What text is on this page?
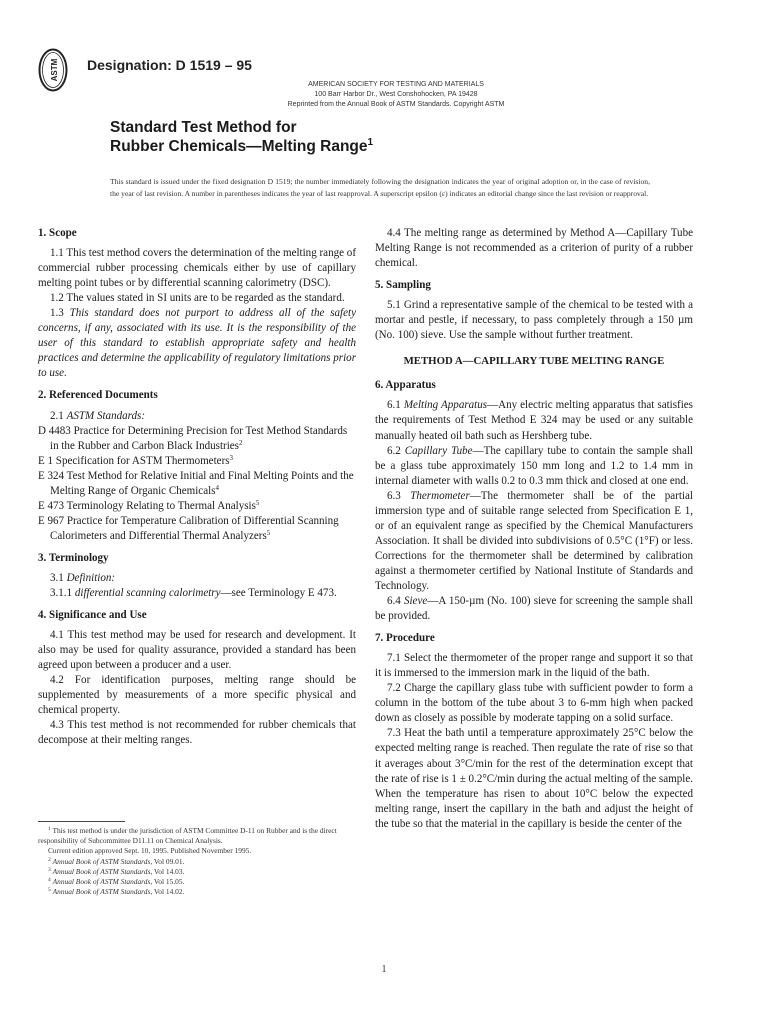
ASTM Designation: D 1519 – 95
AMERICAN SOCIETY FOR TESTING AND MATERIALS
100 Barr Harbor Dr., West Conshohocken, PA 19428
Reprinted from the Annual Book of ASTM Standards. Copyright ASTM
Standard Test Method for
Rubber Chemicals—Melting Range$^1$
This standard is issued under the fixed designation D 1519; the number immediately following the designation indicates the year of original adoption or, in the case of revision, the year of last revision. A number in parentheses indicates the year of last reapproval. A superscript epsilon (ε) indicates an editorial change since the last revision or reapproval.

1. Scope

1.1 This test method covers the determination of the melting range of commercial rubber processing chemicals either by use of capillary melting point tubes or by differential scanning calorimetry (DSC).

1.2 The values stated in SI units are to be regarded as the standard.

1.3 This standard does not purport to address all of the safety concerns, if any, associated with its use. It is the responsibility of the user of this standard to establish appropriate safety and health practices and determine the applicability of regulatory limitations prior to use.

2. Referenced Documents

2.1 ASTM Standards:

D 4483 Practice for Determining Precision for Test Method Standards in the Rubber and Carbon Black Industries$^2$

E 1 Specification for ASTM Thermometers$^3$

E 324 Test Method for Relative Initial and Final Melting Points and the Melting Range of Organic Chemicals$^4$

E 473 Terminology Relating to Thermal Analysis$^5$

E 967 Practice for Temperature Calibration of Differential Scanning Calorimeters and Differential Thermal Analyzers$^5$

3. Terminology

3.1 Definition:

3.1.1 differential scanning calorimetry—see Terminology E 473.

4. Significance and Use

4.1 This test method may be used for research and development. It also may be used for quality assurance, provided a standard has been agreed upon between a producer and a user.

4.2 For identification purposes, melting range should be supplemented by measurements of a more specific physical and chemical property.

4.3 This test method is not recommended for rubber chemicals that decompose at their melting ranges.

$^1$ This test method is under the jurisdiction of ASTM Committee D-11 on Rubber and is the direct responsibility of Subcommittee D11.11 on Chemical Analysis.
Current edition approved Sept. 10, 1995. Published November 1995.
$^2$ Annual Book of ASTM Standards, Vol 09.01.
$^3$ Annual Book of ASTM Standards, Vol 14.03.
$^4$ Annual Book of ASTM Standards, Vol 15.05.
$^5$ Annual Book of ASTM Standards, Vol 14.02.

4.4 The melting range as determined by Method A—Capillary Tube Melting Range is not recommended as a criterion of purity of a rubber chemical.

5. Sampling

5.1 Grind a representative sample of the chemical to be tested with a mortar and pestle, if necessary, to pass completely through a 150 µm (No. 100) sieve. Use the sample without further treatment.

METHOD A—CAPILLARY TUBE MELTING RANGE

6. Apparatus

6.1 Melting Apparatus—Any electric melting apparatus that satisfies the requirements of Test Method E 324 may be used or any suitable manually heated oil bath such as Hershberg tube.

6.2 Capillary Tube—The capillary tube to contain the sample shall be a glass tube approximately 150 mm long and 1.2 to 1.4 mm in internal diameter with walls 0.2 to 0.3 mm thick and closed at one end.

6.3 Thermometer—The thermometer shall be of the partial immersion type and of suitable range selected from Specification E 1, or of an equivalent range as specified by the Chemical Manufacturers Association. It shall be divided into subdivisions of 0.5°C (1°F) or less. Corrections for the thermometer shall be determined by calibration against a thermometer certified by National Institute of Standards and Technology.

6.4 Sieve—A 150-µm (No. 100) sieve for screening the sample shall be provided.

7. Procedure

7.1 Select the thermometer of the proper range and support it so that it is immersed to the immersion mark in the liquid of the bath.

7.2 Charge the capillary glass tube with sufficient powder to form a column in the bottom of the tube about 3 to 6-mm high when packed down as closely as possible by moderate tapping on a solid surface.

7.3 Heat the bath until a temperature approximately 25°C below the expected melting range is reached. Then regulate the rate of rise so that it averages about 3°C/min for the rest of the determination except that the rate of rise is 1 ± 0.2°C/min during the actual melting of the sample. When the temperature has risen to about 10°C below the expected melting range, insert the capillary in the bath and adjust the height of the tube so that the material in the capillary is beside the center of the

1
